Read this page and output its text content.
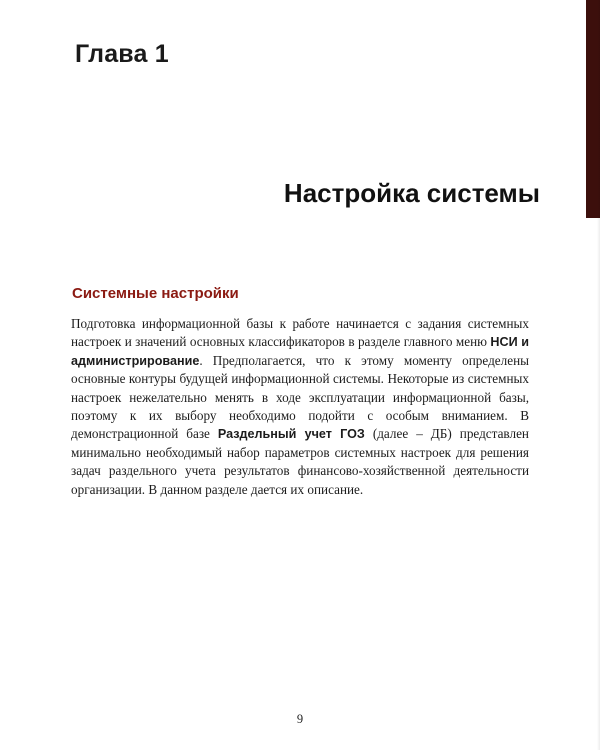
Глава 1
Настройка системы
Системные настройки

Подготовка информационной базы к работе начинается с задания системных настроек и значений основных классификаторов в разделе главного меню НСИ и администрирование. Предполагается, что к этому моменту определены основные контуры будущей информационной системы. Некоторые из системных настроек нежелательно менять в ходе эксплуатации информационной базы, поэтому к их выбору необходимо подойти с особым вниманием. В демонстрационной базе Раздельный учет ГОЗ (далее – ДБ) представлен минимально необходимый набор параметров системных настроек для решения задач раздельного учета результатов финансово-хозяйственной деятельности организации. В данном разделе дается их описание.

9
